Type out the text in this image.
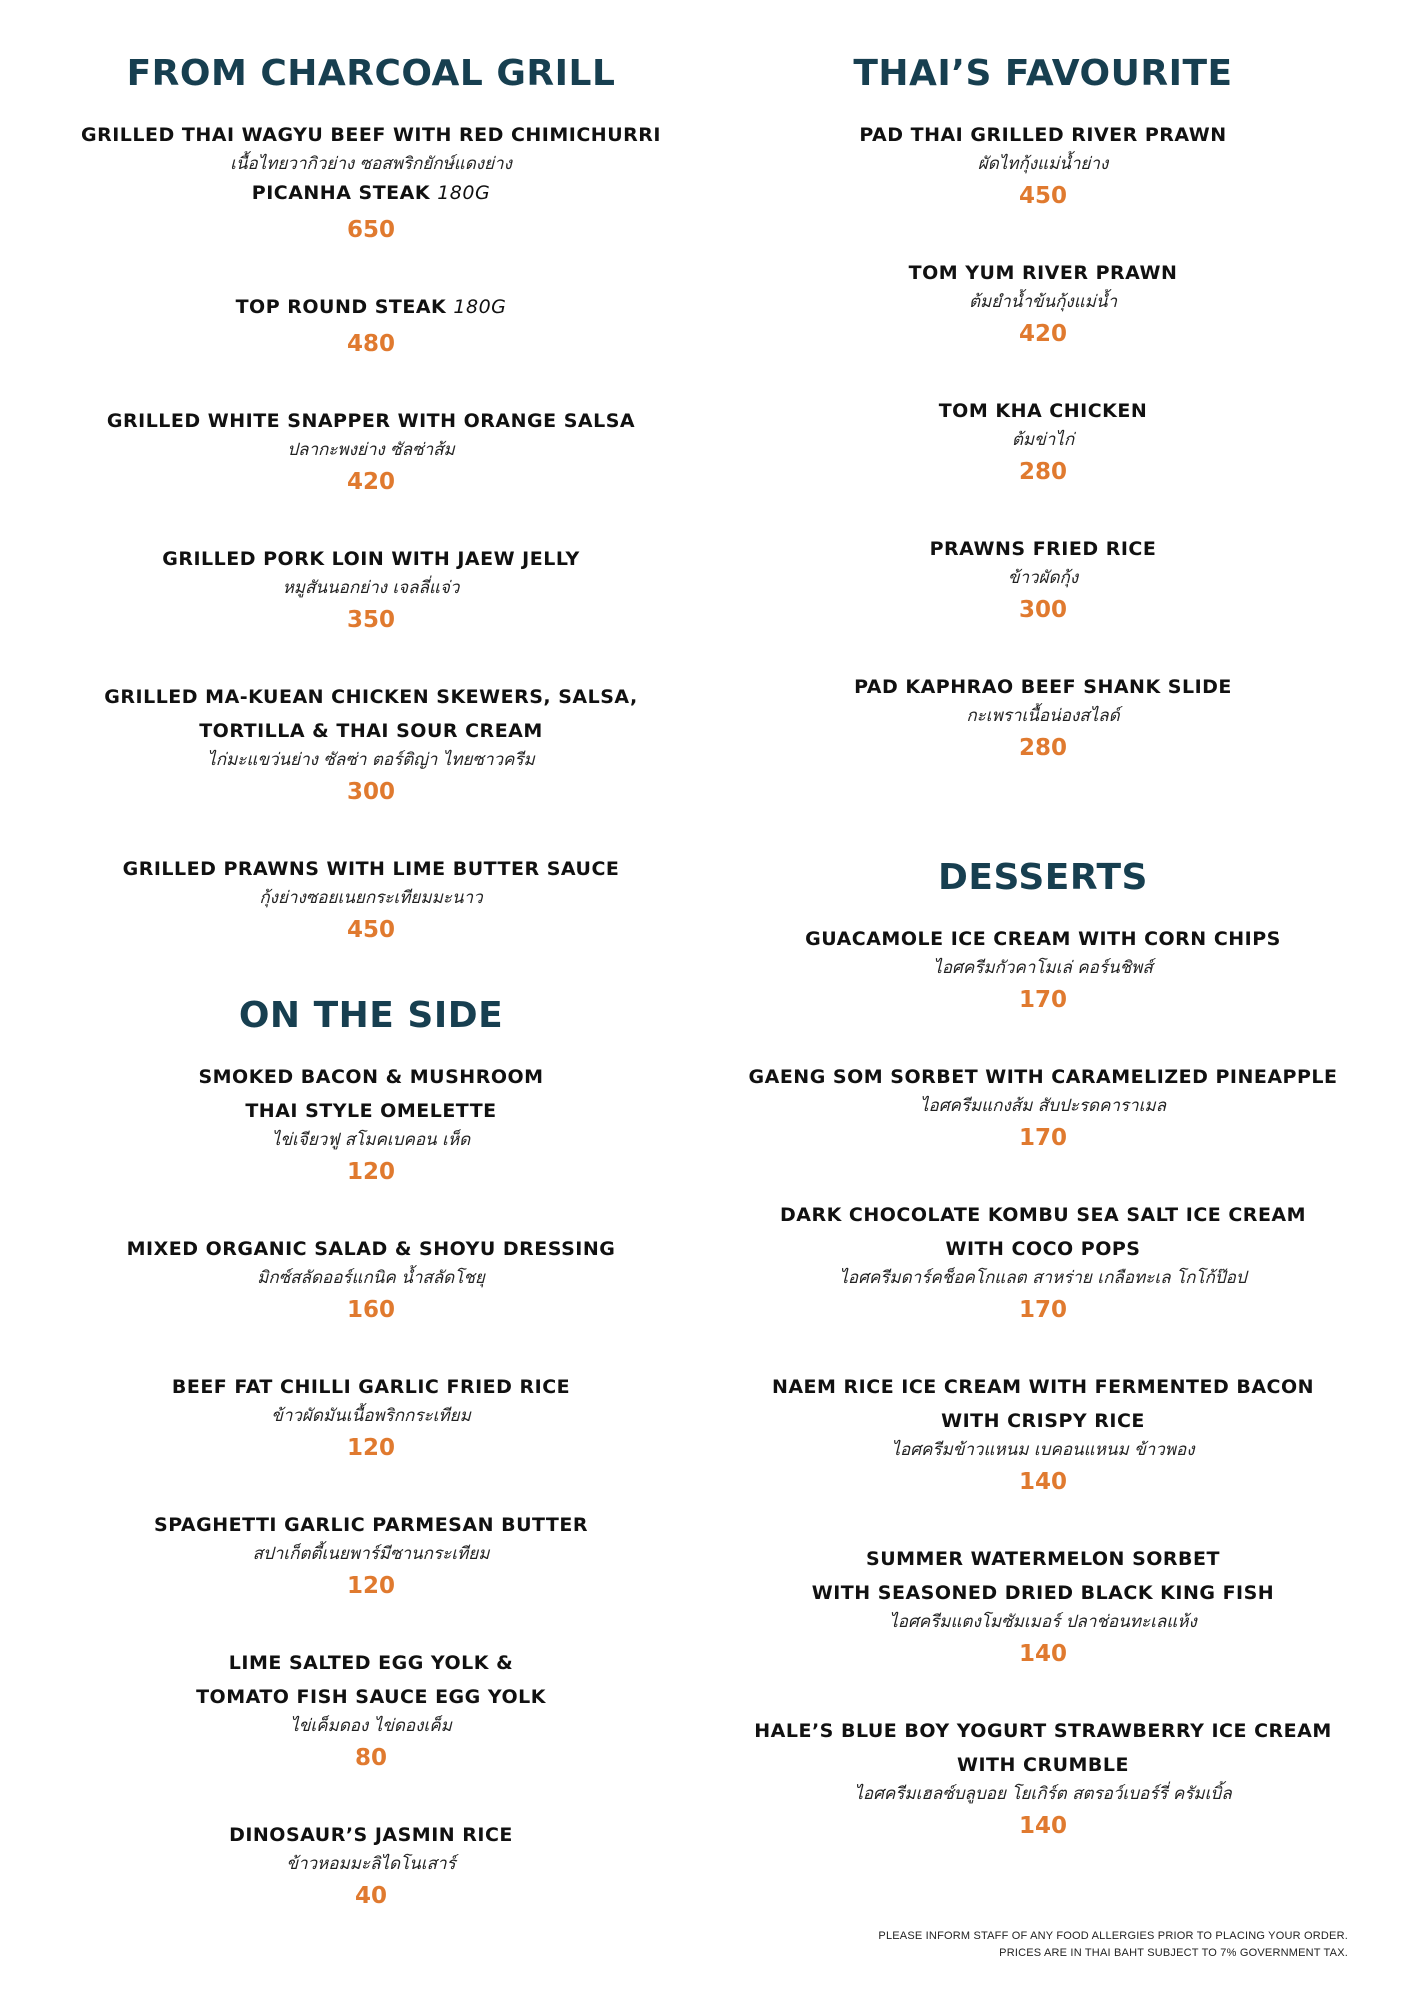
FROM CHARCOAL GRILL
GRILLED THAI WAGYU BEEF WITH RED CHIMICHURRI
เนื้อไทยวากิวย่าง ซอสพริกยักษ์แดงย่าง
PICANHA STEAK 180G
650
TOP ROUND STEAK 180G
480
GRILLED WHITE SNAPPER WITH ORANGE SALSA
ปลากะพงย่าง ซัลซ่าส้ม
420
GRILLED PORK LOIN WITH JAEW JELLY
หมูสันนอกย่าง เจลลี่แจ่ว
350
GRILLED MA-KUEAN CHICKEN SKEWERS, SALSA,
TORTILLA & THAI SOUR CREAM
ไก่มะแขว่นย่าง ซัลซ่า ตอร์ติญ่า ไทยซาวครีม
300
GRILLED PRAWNS WITH LIME BUTTER SAUCE
กุ้งย่างซอยเนยกระเทียมมะนาว
450
ON THE SIDE
SMOKED BACON & MUSHROOM
THAI STYLE OMELETTE
ไข่เจียวฟู สโมคเบคอน เห็ด
120
MIXED ORGANIC SALAD & SHOYU DRESSING
มิกซ์สลัดออร์แกนิค น้ำสลัดโชยุ
160
BEEF FAT CHILLI GARLIC FRIED RICE
ข้าวผัดมันเนื้อพริกกระเทียม
120
SPAGHETTI GARLIC PARMESAN BUTTER
สปาเก็ตตี้เนยพาร์มีซานกระเทียม
120
LIME SALTED EGG YOLK &
TOMATO FISH SAUCE EGG YOLK
ไข่เค็มดอง ไข่ดองเค็ม
80
DINOSAUR’S JASMIN RICE
ข้าวหอมมะลิไดโนเสาร์
40
THAI’S FAVOURITE
PAD THAI GRILLED RIVER PRAWN
ผัดไทกุ้งแม่น้ำย่าง
450
TOM YUM RIVER PRAWN
ต้มยำน้ำข้นกุ้งแม่น้ำ
420
TOM KHA CHICKEN
ต้มข่าไก่
280
PRAWNS FRIED RICE
ข้าวผัดกุ้ง
300
PAD KAPHRAO BEEF SHANK SLIDE
กะเพราเนื้อน่องสไลด์
280
DESSERTS
GUACAMOLE ICE CREAM WITH CORN CHIPS
ไอศครีมกัวคาโมเล่ คอร์นชิพส์
170
GAENG SOM SORBET WITH CARAMELIZED PINEAPPLE
ไอศครีมแกงส้ม สับปะรดคาราเมล
170
DARK CHOCOLATE KOMBU SEA SALT ICE CREAM
WITH COCO POPS
ไอศครีมดาร์คช็อคโกแลต สาหร่าย เกลือทะเล โกโก้ป๊อป
170
NAEM RICE ICE CREAM WITH FERMENTED BACON
WITH CRISPY RICE
ไอศครีมข้าวแหนม เบคอนแหนม ข้าวพอง
140
SUMMER WATERMELON SORBET
WITH SEASONED DRIED BLACK KING FISH
ไอศครีมแตงโมซัมเมอร์ ปลาช่อนทะเลแห้ง
140
HALE’S BLUE BOY YOGURT STRAWBERRY ICE CREAM
WITH CRUMBLE
ไอศครีมเฮลซ์บลูบอย โยเกิร์ต สตรอว์เบอร์รี่ ครัมเบิ้ล
140
PLEASE INFORM STAFF OF ANY FOOD ALLERGIES PRIOR TO PLACING YOUR ORDER.
PRICES ARE IN THAI BAHT SUBJECT TO 7% GOVERNMENT TAX.
